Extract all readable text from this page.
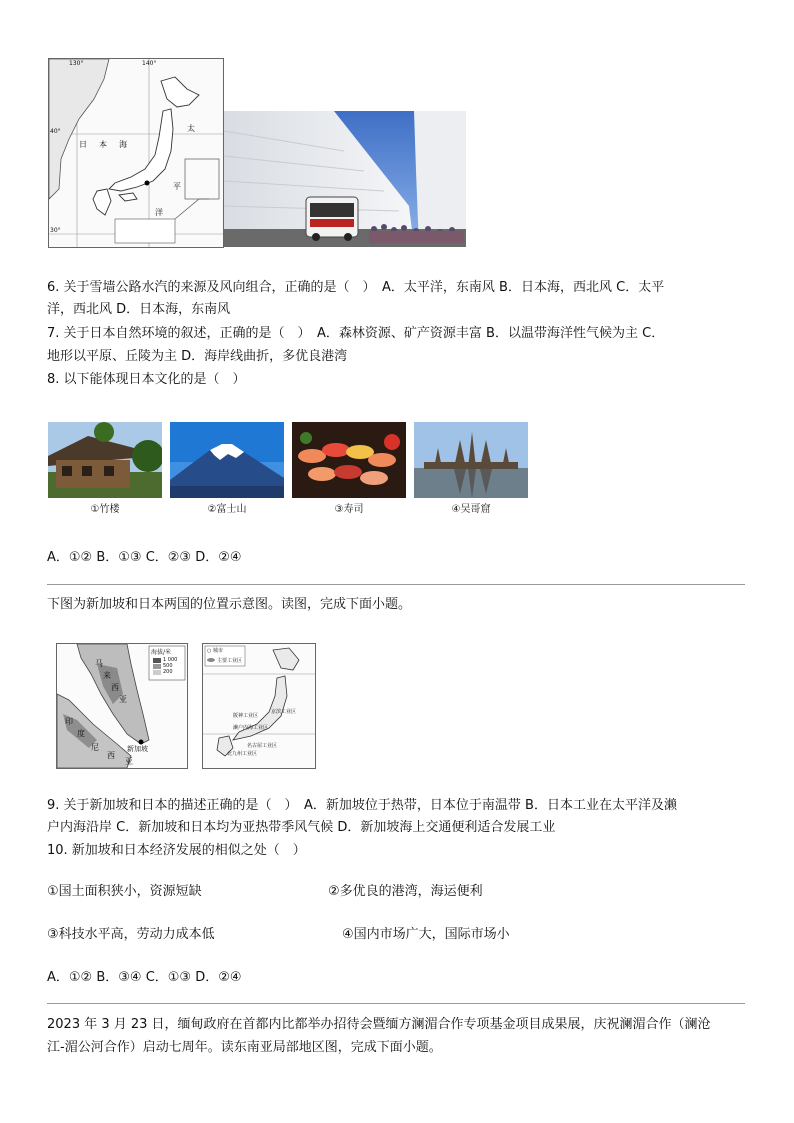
日 本 海
太
平
洋
130°	140°
40°
30°
6. 关于雪墙公路水汽的来源及风向组合，正确的是（　）　A．太平洋，东南风 B．日本海，西北风 C．太平
洋，西北风 D．日本海，东南风
7. 关于日本自然环境的叙述，正确的是（　）　A．森林资源、矿产资源丰富 B．以温带海洋性气候为主 C．
地形以平原、丘陵为主 D．海岸线曲折，多优良港湾
8. 以下能体现日本文化的是（　）
①竹楼	②富士山	③寿司	④吴哥窟
A．①② B．①③ C．②③ D．②④
下图为新加坡和日本两国的位置示意图。读图，完成下面小题。
海拔/米
1 000
500
200
马
来
西
亚
印
度
尼
西
亚
新加坡
○ 城市
主要工业区
阪神工业区
京滨工业区
名古屋工业区
北九州工业区
濑户内海工业区
9. 关于新加坡和日本的描述正确的是（　）　A．新加坡位于热带，日本位于南温带 B．日本工业在太平洋及濑
户内海沿岸 C．新加坡和日本均为亚热带季风气候 D．新加坡海上交通便利适合发展工业
10. 新加坡和日本经济发展的相似之处（　）
①国土面积狭小，资源短缺	②多优良的港湾，海运便利
③科技水平高，劳动力成本低	④国内市场广大，国际市场小
A．①② B．③④ C．①③ D．②④
2023 年 3 月 23 日，缅甸政府在首都内比都举办招待会暨缅方澜湄合作专项基金项目成果展，庆祝澜湄合作（澜沧
江-湄公河合作）启动七周年。读东南亚局部地区图，完成下面小题。
